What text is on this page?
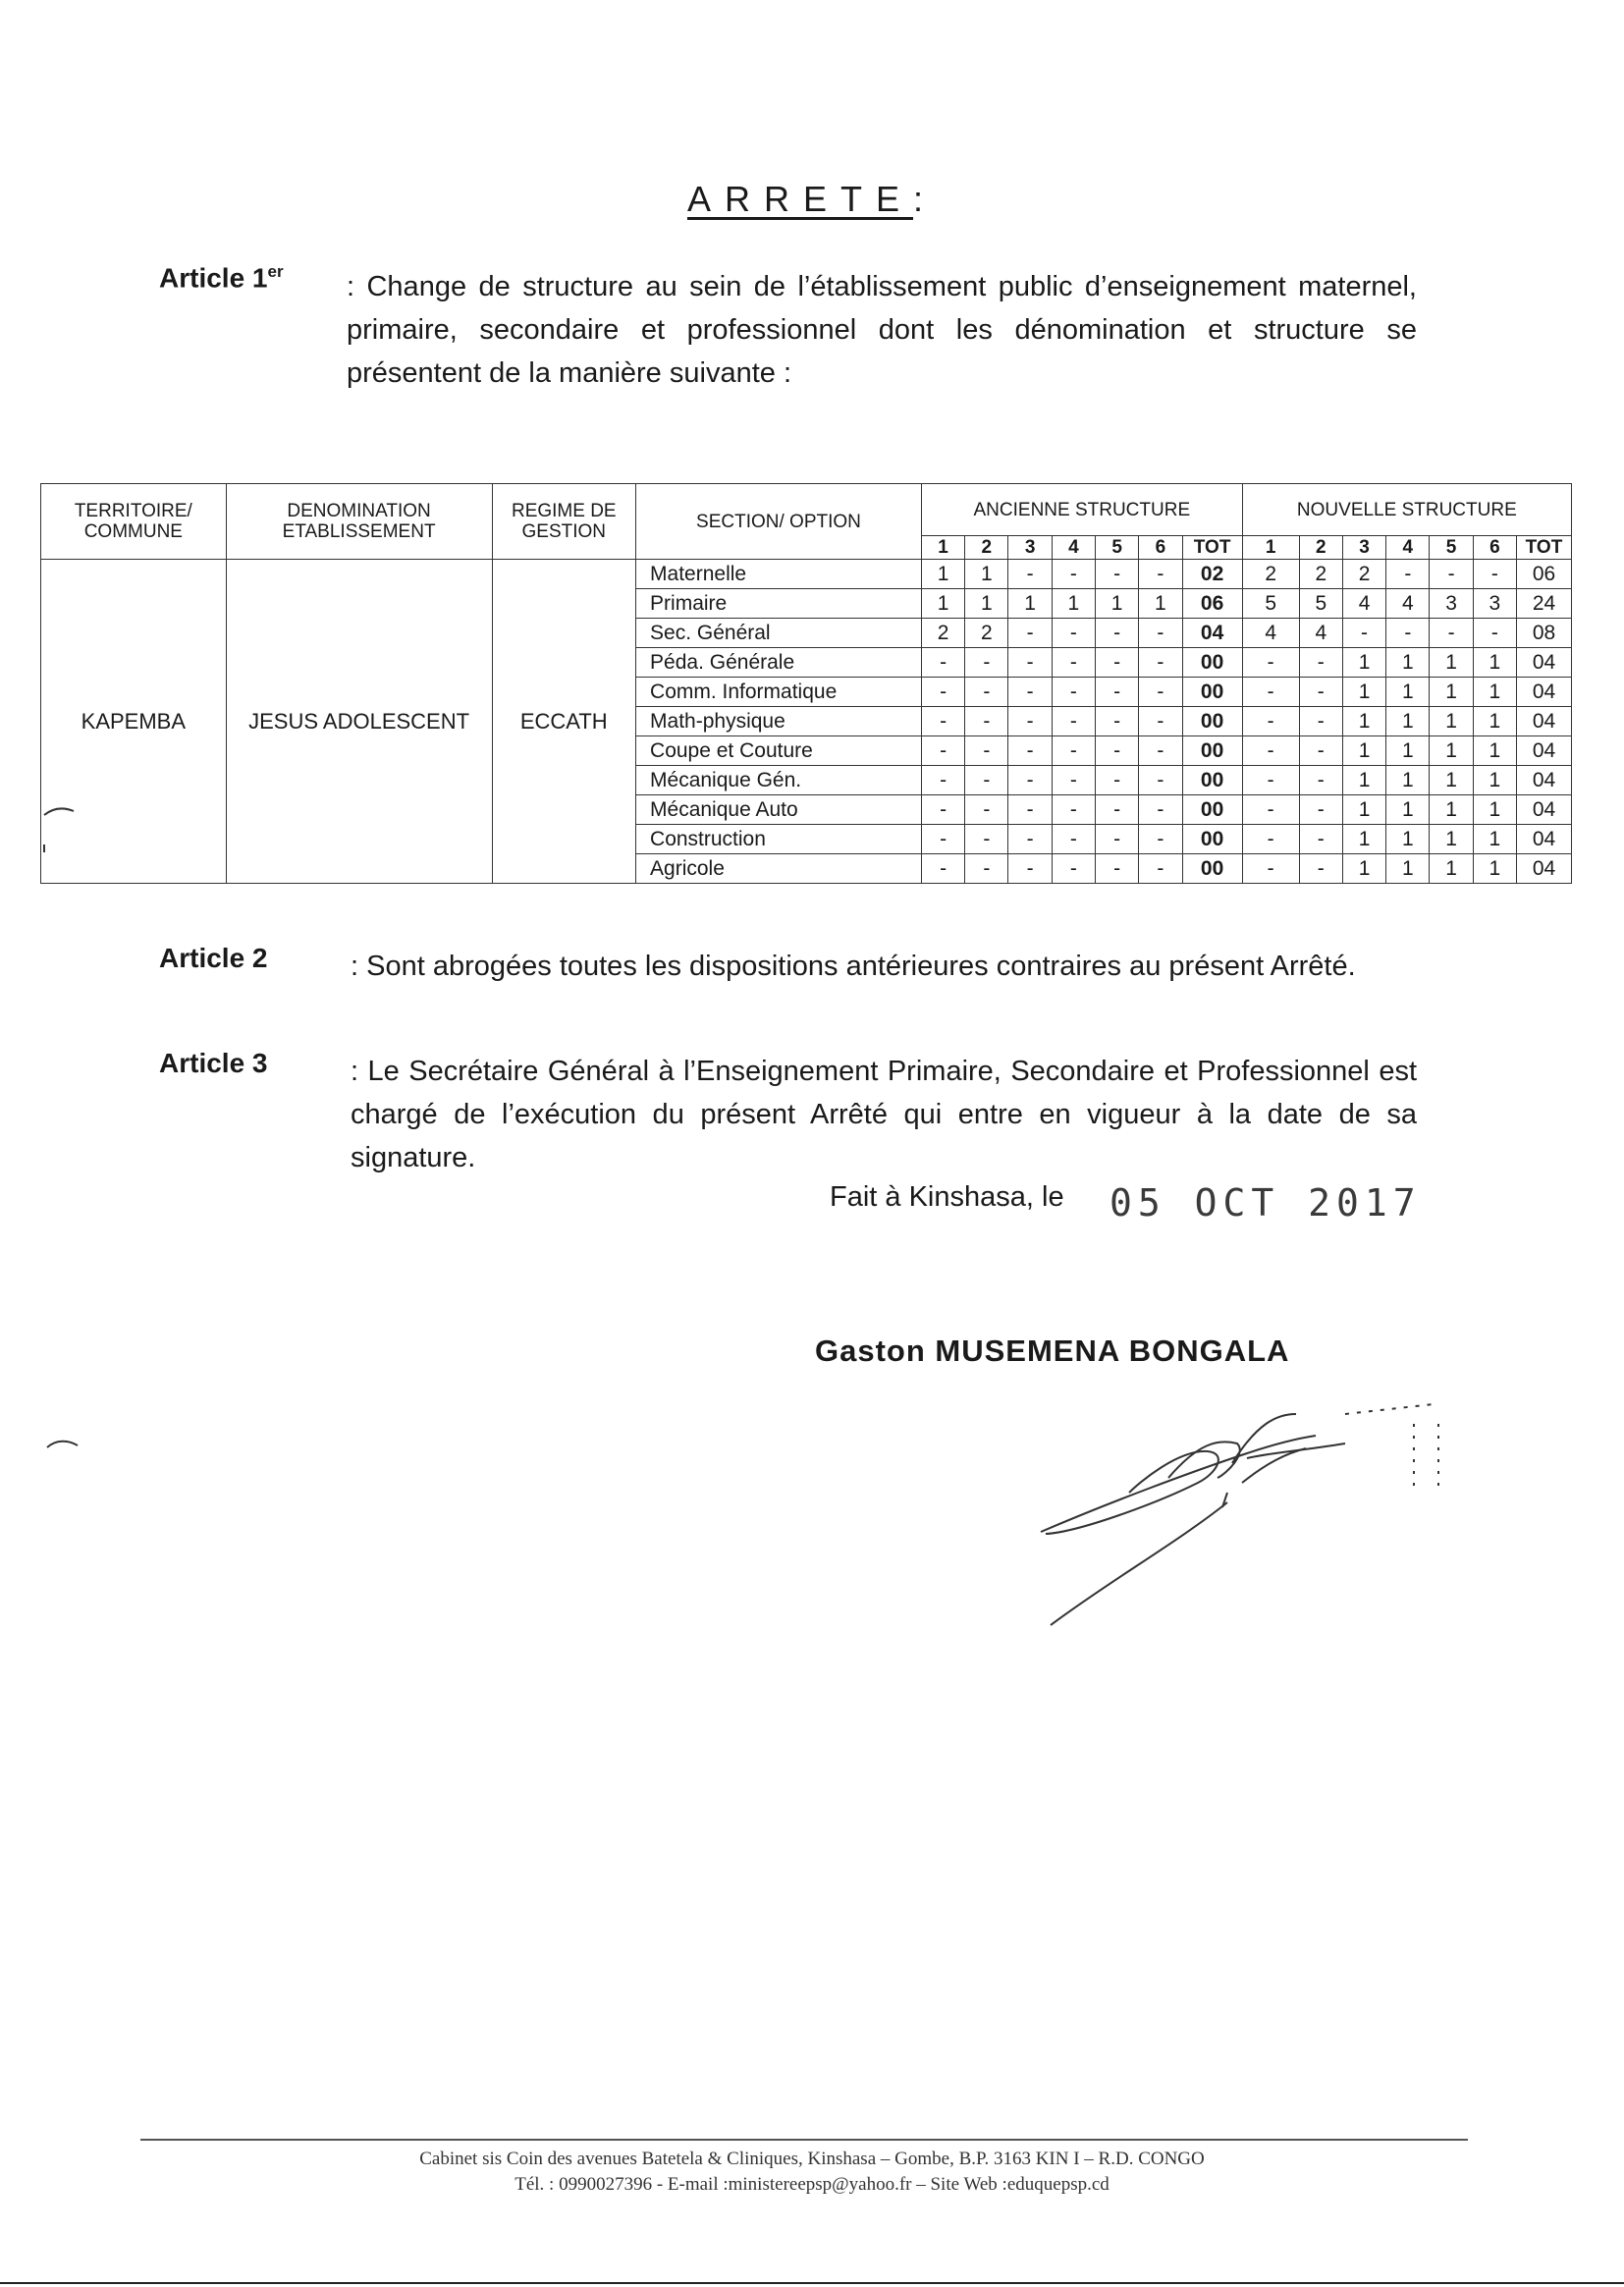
ARRETE:
Article 1er : Change de structure au sein de l’établissement public d’enseignement maternel, primaire, secondaire et professionnel dont les dénomination et structure se présentent de la manière suivante :
TERRITOIRE/ COMMUNE	DENOMINATION ETABLISSEMENT	REGIME DE GESTION	SECTION/ OPTION	ANCIENNE STRUCTURE							NOUVELLE STRUCTURE						
				1	2	3	4	5	6	TOT	1	2	3	4	5	6	TOT
KAPEMBA	JESUS ADOLESCENT	ECCATH	Maternelle	1	1	-	-	-	-	02	2	2	2	-	-	-	06
			Primaire	1	1	1	1	1	1	06	5	5	4	4	3	3	24
			Sec. Général	2	2	-	-	-	-	04	4	4	-	-	-	-	08
			Péda. Générale	-	-	-	-	-	-	00	-	-	1	1	1	1	04
			Comm. Informatique	-	-	-	-	-	-	00	-	-	1	1	1	1	04
			Math-physique	-	-	-	-	-	-	00	-	-	1	1	1	1	04
			Coupe et Couture	-	-	-	-	-	-	00	-	-	1	1	1	1	04
			Mécanique Gén.	-	-	-	-	-	-	00	-	-	1	1	1	1	04
			Mécanique Auto	-	-	-	-	-	-	00	-	-	1	1	1	1	04
			Construction	-	-	-	-	-	-	00	-	-	1	1	1	1	04
			Agricole	-	-	-	-	-	-	00	-	-	1	1	1	1	04
Article 2	: Sont abrogées toutes les dispositions antérieures contraires au présent Arrêté.
Article 3	: Le Secrétaire Général à l’Enseignement Primaire, Secondaire et Professionnel est chargé de l’exécution du présent Arrêté qui entre en vigueur à la date de sa signature.
Fait à Kinshasa, le 05 OCT 2017
Gaston MUSEMENA BONGALA
Cabinet sis Coin des avenues Batetela & Cliniques, Kinshasa – Gombe, B.P. 3163 KIN I – R.D. CONGO
Tél. : 0990027396 - E-mail :ministereepsp@yahoo.fr – Site Web :eduquepsp.cd
